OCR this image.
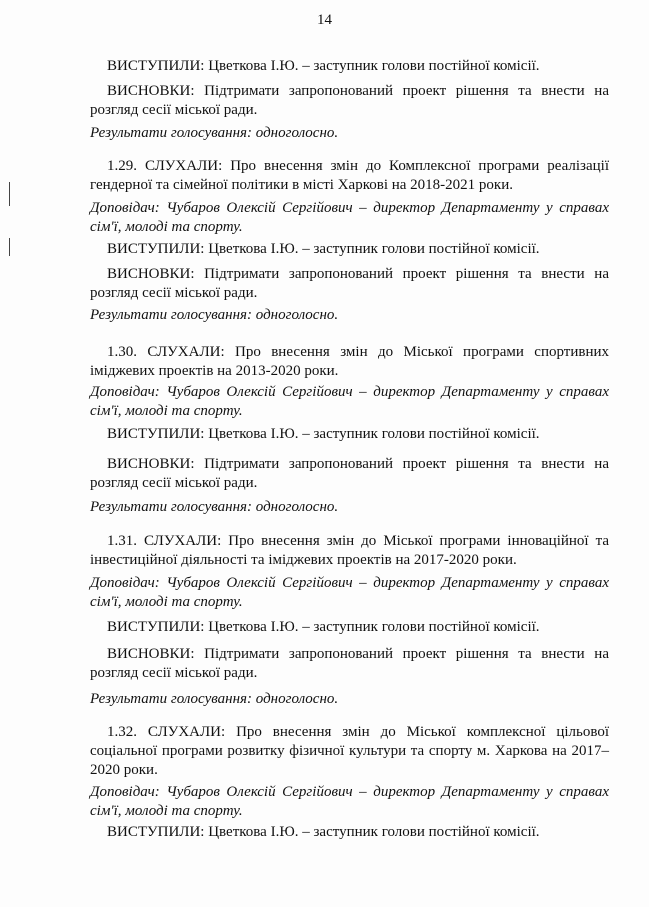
14
ВИСТУПИЛИ: Цветкова І.Ю. – заступник голови постійної комісії.
ВИСНОВКИ: Підтримати запропонований проект рішення та внести на розгляд сесії міської ради.
Результати голосування: одноголосно.
1.29. СЛУХАЛИ: Про внесення змін до Комплексної програми реалізації гендерної та сімейної політики в місті Харкові на 2018-2021 роки.
Доповідач: Чубаров Олексій Сергійович – директор Департаменту у справах сім'ї, молоді та спорту.
ВИСТУПИЛИ: Цветкова І.Ю. – заступник голови постійної комісії.
ВИСНОВКИ: Підтримати запропонований проект рішення та внести на розгляд сесії міської ради.
Результати голосування: одноголосно.
1.30. СЛУХАЛИ: Про внесення змін до Міської програми спортивних іміджевих проектів на 2013-2020 роки.
Доповідач: Чубаров Олексій Сергійович – директор Департаменту у справах сім'ї, молоді та спорту.
ВИСТУПИЛИ: Цветкова І.Ю. – заступник голови постійної комісії.
ВИСНОВКИ: Підтримати запропонований проект рішення та внести на розгляд сесії міської ради.
Результати голосування: одноголосно.
1.31. СЛУХАЛИ: Про внесення змін до Міської програми інноваційної та інвестиційної діяльності та іміджевих проектів на 2017-2020 роки.
Доповідач: Чубаров Олексій Сергійович – директор Департаменту у справах сім'ї, молоді та спорту.
ВИСТУПИЛИ: Цветкова І.Ю. – заступник голови постійної комісії.
ВИСНОВКИ: Підтримати запропонований проект рішення та внести на розгляд сесії міської ради.
Результати голосування: одноголосно.
1.32. СЛУХАЛИ: Про внесення змін до Міської комплексної цільової соціальної програми розвитку фізичної культури та спорту м. Харкова на 2017–2020 роки.
Доповідач: Чубаров Олексій Сергійович – директор Департаменту у справах сім'ї, молоді та спорту.
ВИСТУПИЛИ: Цветкова І.Ю. – заступник голови постійної комісії.
